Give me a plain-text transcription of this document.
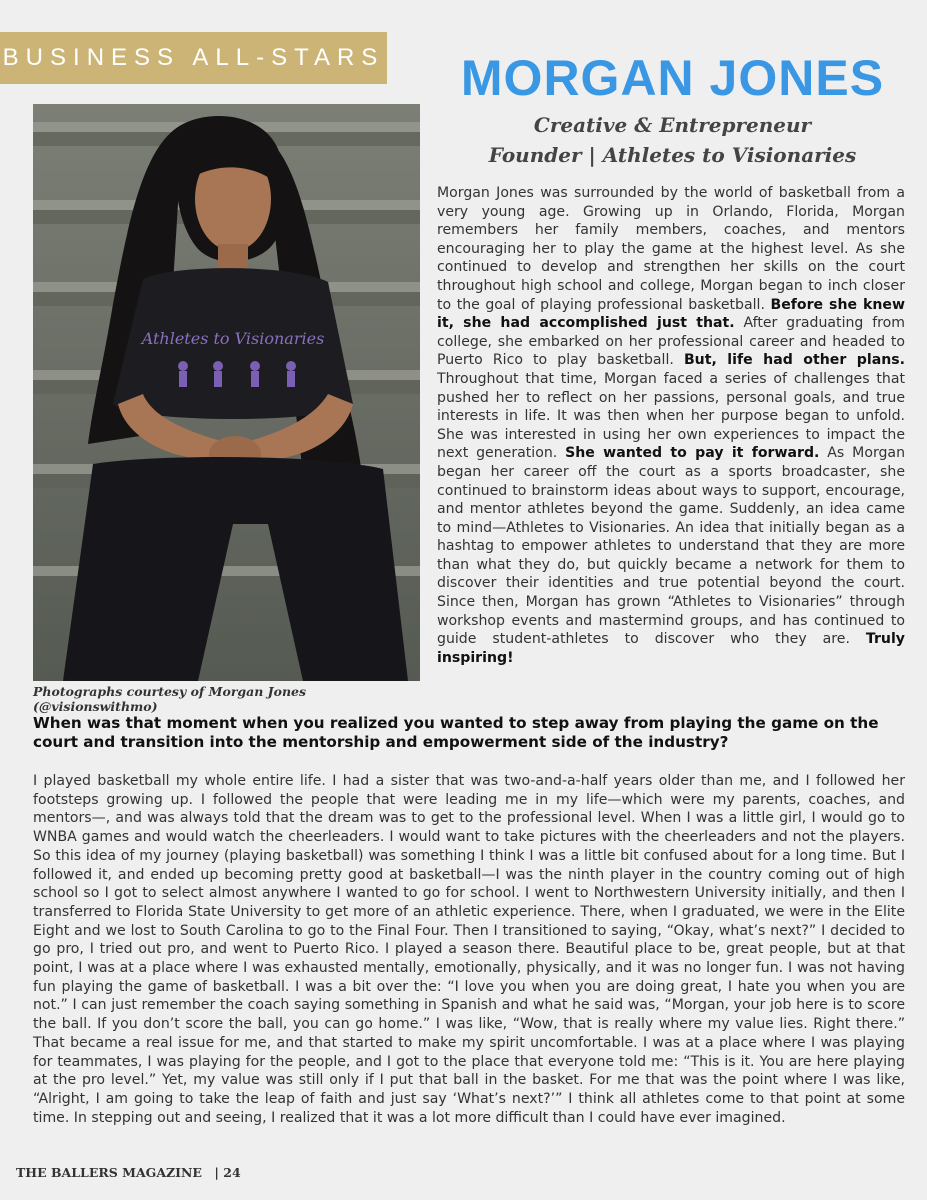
BUSINESS ALL-STARS	MORGAN JONES
Creative & Entrepreneur
Founder | Athletes to Visionaries
Athletes to Visionaries
Photographs courtesy of Morgan Jones (@visionswithmo)

Morgan Jones was surrounded by the world of basketball from a very young age. Growing up in Orlando, Florida, Morgan remembers her family members, coaches, and mentors encouraging her to play the game at the highest level. As she continued to develop and strengthen her skills on the court throughout high school and college, Morgan began to inch closer to the goal of playing professional basketball. Before she knew it, she had accomplished just that. After graduating from college, she embarked on her professional career and headed to Puerto Rico to play basketball. But, life had other plans. Throughout that time, Morgan faced a series of challenges that pushed her to reflect on her passions, personal goals, and true interests in life. It was then when her purpose began to unfold. She was interested in using her own experiences to impact the next generation. She wanted to pay it forward. As Morgan began her career off the court as a sports broadcaster, she continued to brainstorm ideas about ways to support, encourage, and mentor athletes beyond the game. Suddenly, an idea came to mind—Athletes to Visionaries. An idea that initially began as a hashtag to empower athletes to understand that they are more than what they do, but quickly became a network for them to discover their identities and true potential beyond the court. Since then, Morgan has grown “Athletes to Visionaries” through workshop events and mastermind groups, and has continued to guide student-athletes to discover who they are. Truly inspiring!

When was that moment when you realized you wanted to step away from playing the game on the court and transition into the mentorship and empowerment side of the industry?

I played basketball my whole entire life. I had a sister that was two-and-a-half years older than me, and I followed her footsteps growing up. I followed the people that were leading me in my life—which were my parents, coaches, and mentors—, and was always told that the dream was to get to the professional level. When I was a little girl, I would go to WNBA games and would watch the cheerleaders. I would want to take pictures with the cheerleaders and not the players. So this idea of my journey (playing basketball) was something I think I was a little bit confused about for a long time. But I followed it, and ended up becoming pretty good at basketball—I was the ninth player in the country coming out of high school so I got to select almost anywhere I wanted to go for school. I went to Northwestern University initially, and then I transferred to Florida State University to get more of an athletic experience. There, when I graduated, we were in the Elite Eight and we lost to South Carolina to go to the Final Four. Then I transitioned to saying, “Okay, what’s next?” I decided to go pro, I tried out pro, and went to Puerto Rico. I played a season there. Beautiful place to be, great people, but at that point, I was at a place where I was exhausted mentally, emotionally, physically, and it was no longer fun. I was not having fun playing the game of basketball. I was a bit over the: “I love you when you are doing great, I hate you when you are not.” I can just remember the coach saying something in Spanish and what he said was, “Morgan, your job here is to score the ball. If you don’t score the ball, you can go home.” I was like, “Wow, that is really where my value lies. Right there.” That became a real issue for me, and that started to make my spirit uncomfortable. I was at a place where I was playing for teammates, I was playing for the people, and I got to the place that everyone told me: “This is it. You are here playing at the pro level.” Yet, my value was still only if I put that ball in the basket. For me that was the point where I was like, “Alright, I am going to take the leap of faith and just say ‘What’s next?’” I think all athletes come to that point at some time. In stepping out and seeing, I realized that it was a lot more difficult than I could have ever imagined.

THE BALLERS MAGAZINE | 24
